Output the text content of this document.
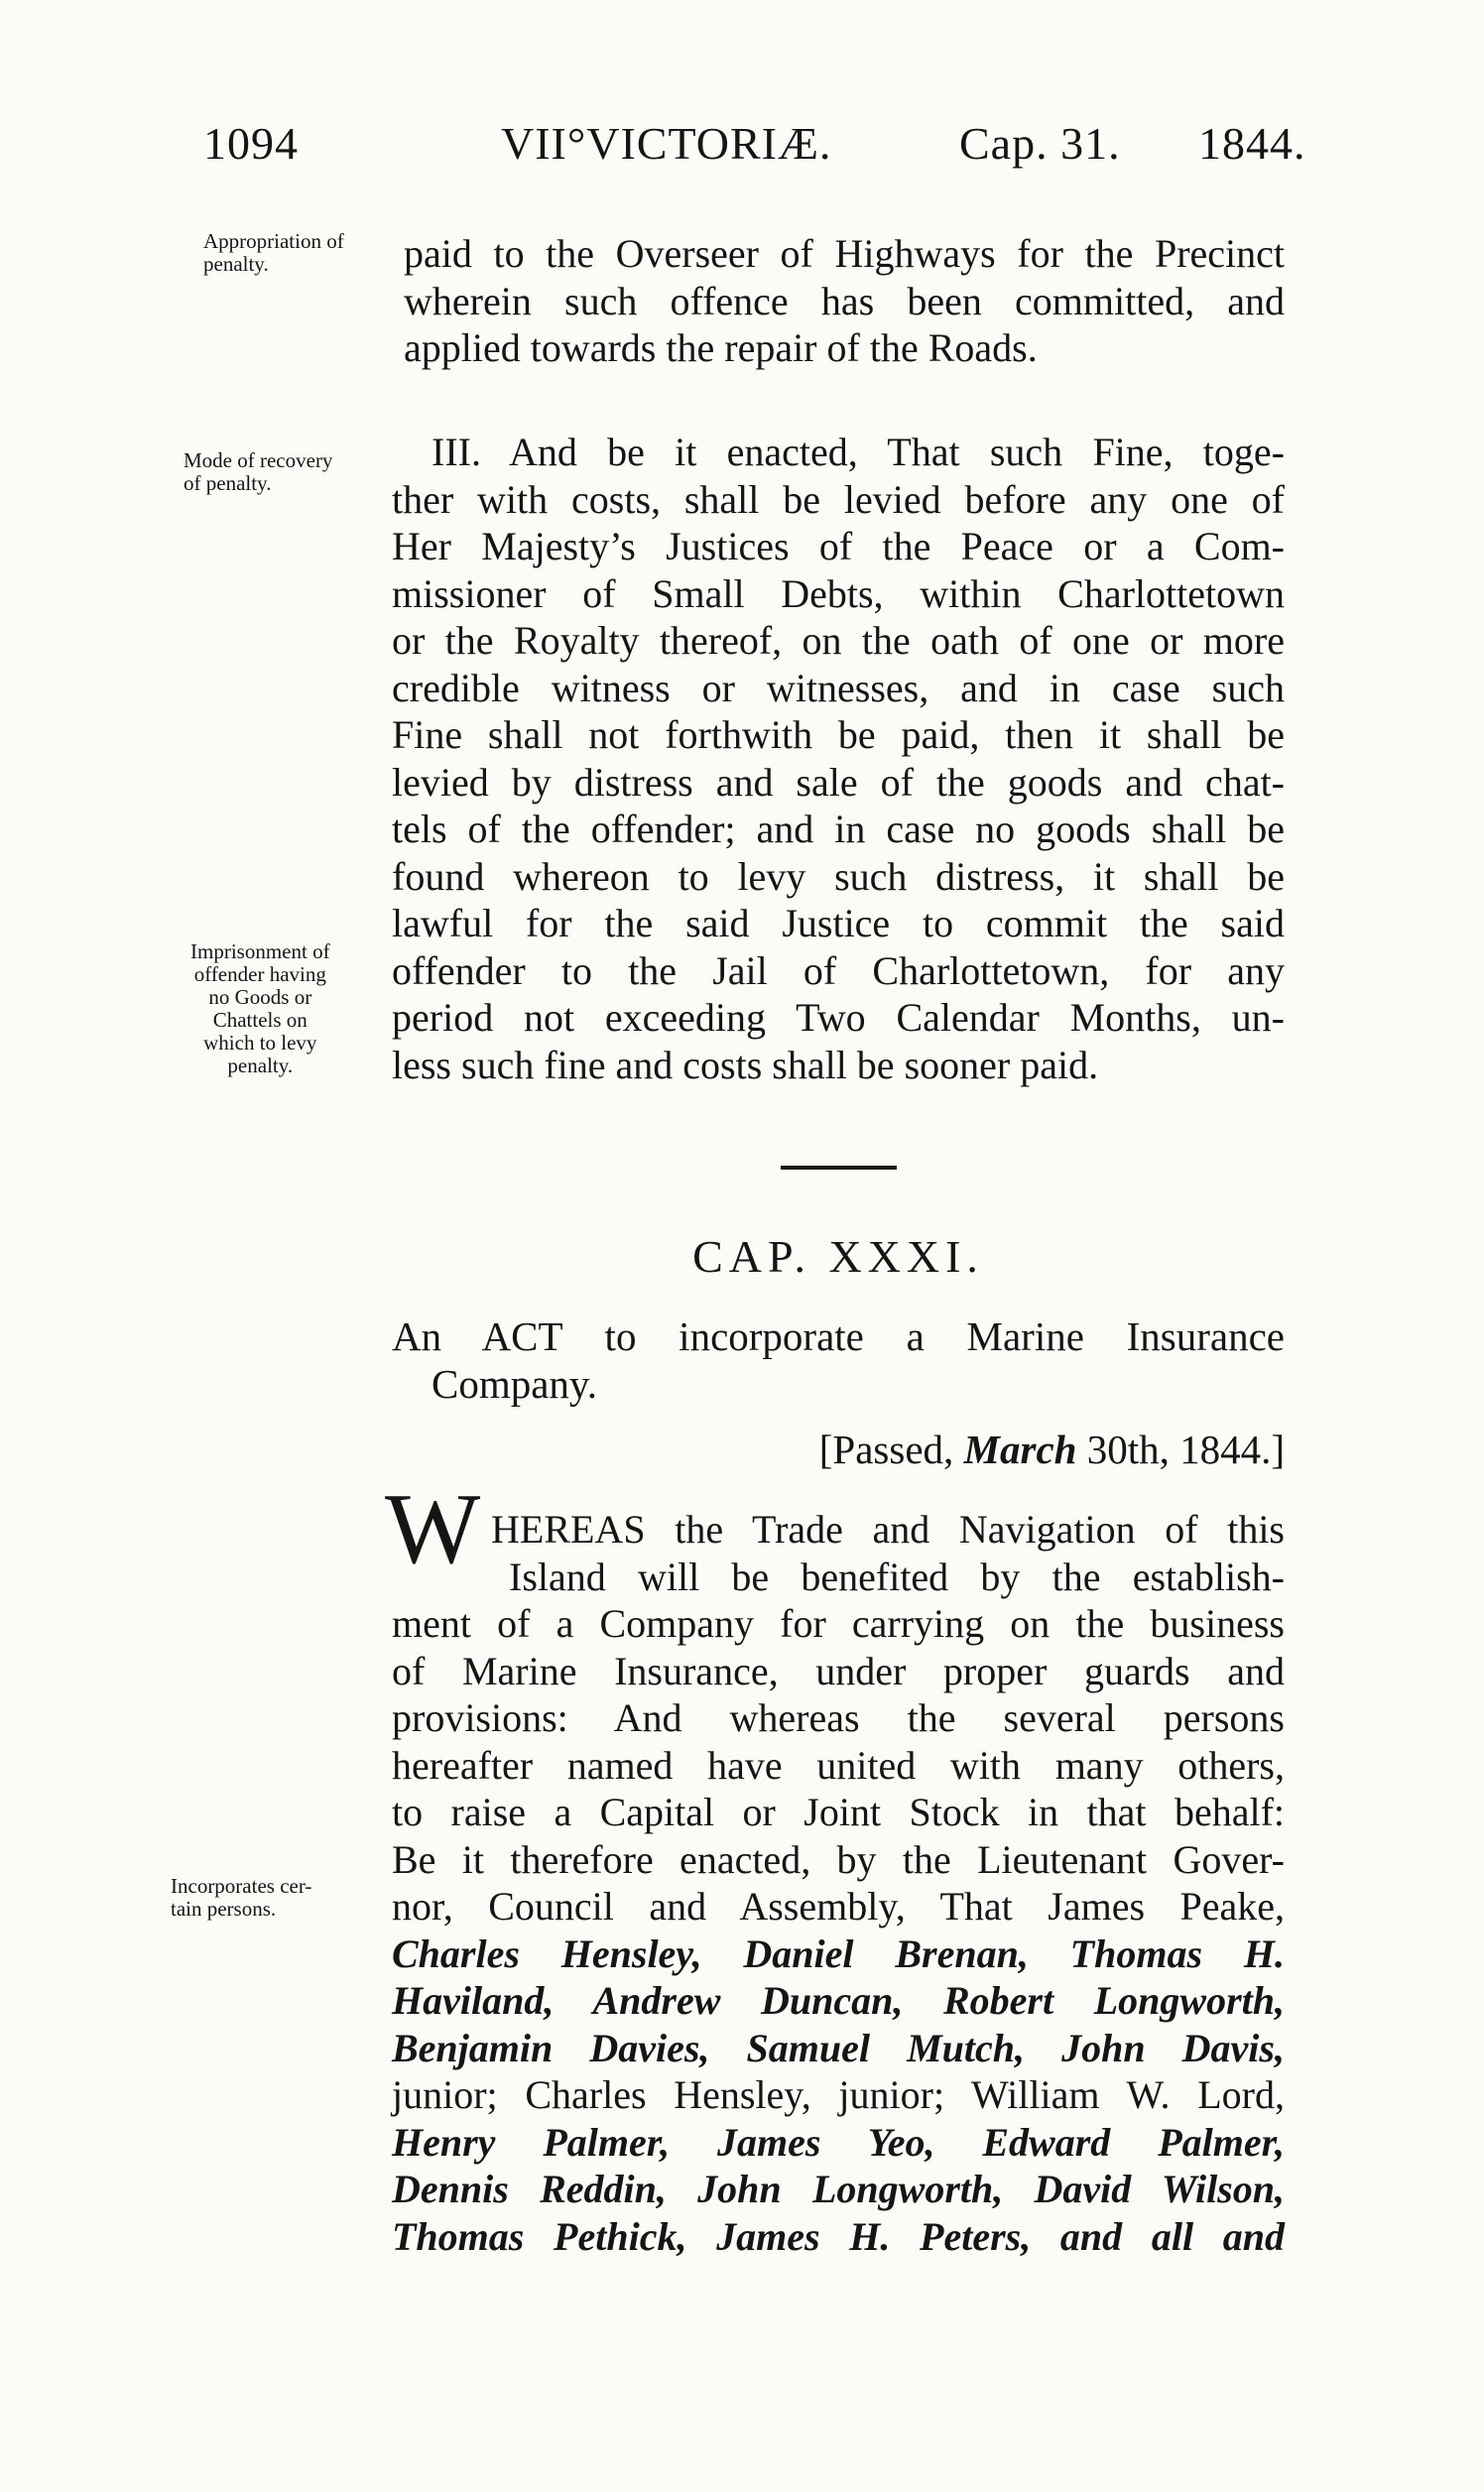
1094	VII°VICTORIÆ.	Cap. 31. 1844.
Appropriation of
penalty.
Mode of recovery
of penalty.
Imprisonment of
offender having
no Goods or
Chattels on
which to levy
penalty.
Incorporates cer-
tain persons.
paid to the Overseer of Highways for the Precinct
wherein such offence has been committed, and
applied towards the repair of the Roads.
III. And be it enacted, That such Fine, toge-
ther with costs, shall be levied before any one of
Her Majesty’s Justices of the Peace or a Com-
missioner of Small Debts, within Charlottetown
or the Royalty thereof, on the oath of one or more
credible witness or witnesses, and in case such
Fine shall not forthwith be paid, then it shall be
levied by distress and sale of the goods and chat-
tels of the offender; and in case no goods shall be
found whereon to levy such distress, it shall be
lawful for the said Justice to commit the said
offender to the Jail of Charlottetown, for any
period not exceeding Two Calendar Months, un-
less such fine and costs shall be sooner paid.
CAP. XXXI.
An ACT to incorporate a Marine Insurance
Company.
[Passed, March 30th, 1844.]
W HEREAS the Trade and Navigation of this
Island will be benefited by the establish-
ment of a Company for carrying on the business
of Marine Insurance, under proper guards and
provisions: And whereas the several persons
hereafter named have united with many others,
to raise a Capital or Joint Stock in that behalf:
Be it therefore enacted, by the Lieutenant Gover-
nor, Council and Assembly, That James Peake,
Charles Hensley, Daniel Brenan, Thomas H.
Haviland, Andrew Duncan, Robert Longworth,
Benjamin Davies, Samuel Mutch, John Davis,
junior; Charles Hensley, junior; William W. Lord,
Henry Palmer, James Yeo, Edward Palmer,
Dennis Reddin, John Longworth, David Wilson,
Thomas Pethick, James H. Peters, and all and
